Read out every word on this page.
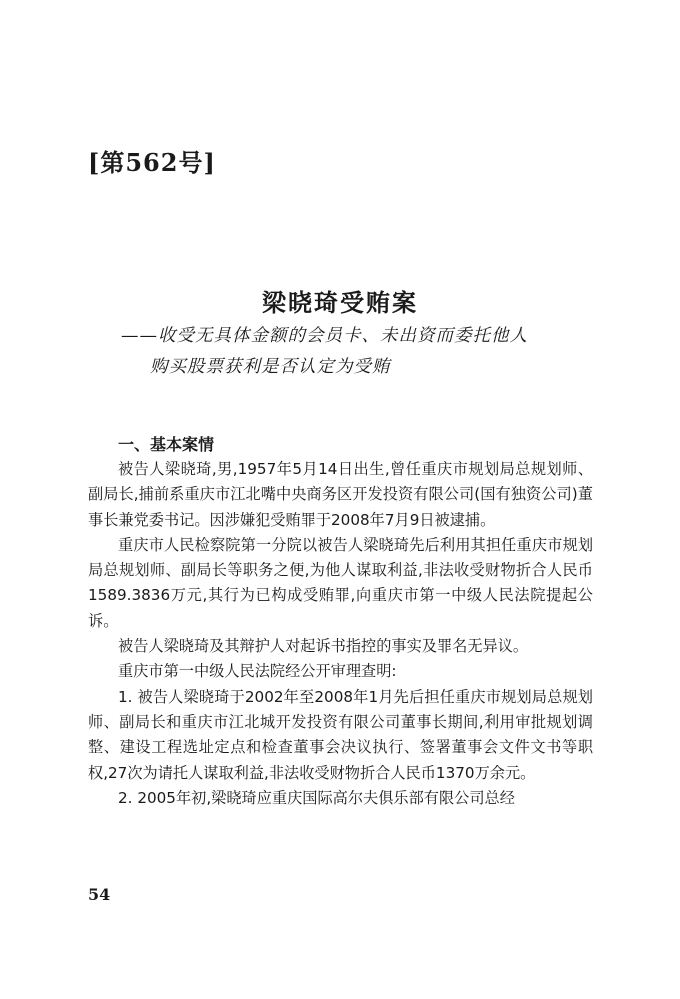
[第562号]
梁晓琦受贿案
——收受无具体金额的会员卡、未出资而委托他人
购买股票获利是否认定为受贿
一、基本案情

被告人梁晓琦,男,1957年5月14日出生,曾任重庆市规划局总规划师、副局长,捕前系重庆市江北嘴中央商务区开发投资有限公司(国有独资公司)董事长兼党委书记。因涉嫌犯受贿罪于2008年7月9日被逮捕。

重庆市人民检察院第一分院以被告人梁晓琦先后利用其担任重庆市规划局总规划师、副局长等职务之便,为他人谋取利益,非法收受财物折合人民币1589.3836万元,其行为已构成受贿罪,向重庆市第一中级人民法院提起公诉。

被告人梁晓琦及其辩护人对起诉书指控的事实及罪名无异议。

重庆市第一中级人民法院经公开审理查明:

1. 被告人梁晓琦于2002年至2008年1月先后担任重庆市规划局总规划师、副局长和重庆市江北城开发投资有限公司董事长期间,利用审批规划调整、建设工程选址定点和检查董事会决议执行、签署董事会文件文书等职权,27次为请托人谋取利益,非法收受财物折合人民币1370万余元。

2. 2005年初,梁晓琦应重庆国际高尔夫俱乐部有限公司总经

54
